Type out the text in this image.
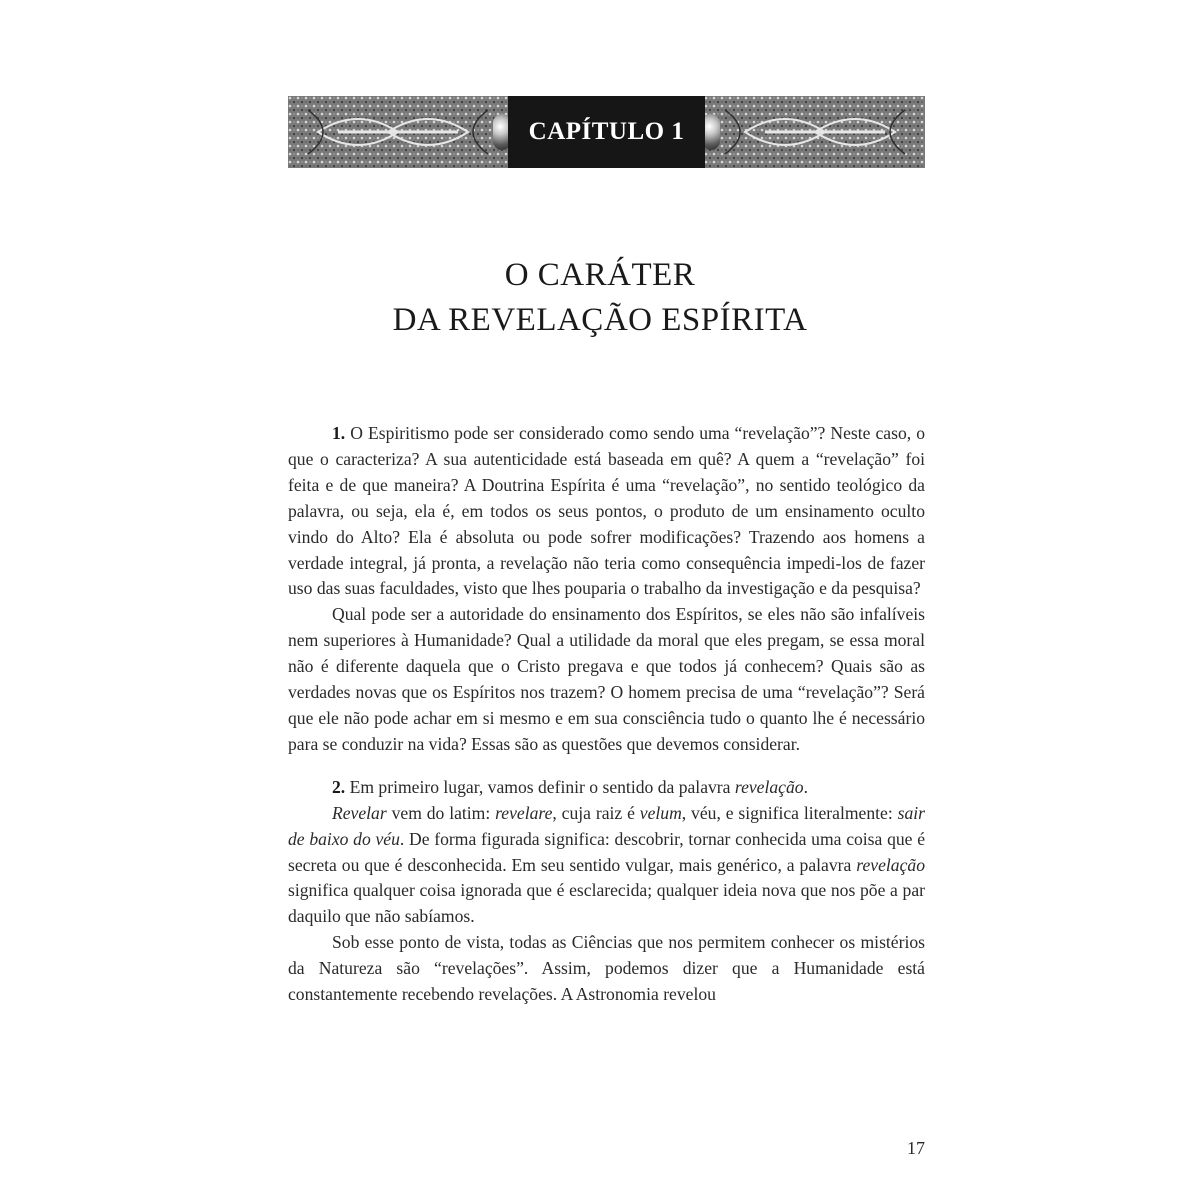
CAPÍTULO 1
O CARÁTER
DA REVELAÇÃO ESPÍRITA

1. O Espiritismo pode ser considerado como sendo uma “revelação”? Neste caso, o que o caracteriza? A sua autenticidade está baseada em quê? A quem a “revelação” foi feita e de que maneira? A Doutrina Espírita é uma “revelação”, no sentido teológico da palavra, ou seja, ela é, em todos os seus pontos, o produto de um ensinamento oculto vindo do Alto? Ela é absoluta ou pode sofrer modificações? Trazendo aos homens a verdade integral, já pronta, a revelação não teria como consequência impedi-los de fazer uso das suas faculdades, visto que lhes pouparia o trabalho da investigação e da pesquisa?

Qual pode ser a autoridade do ensinamento dos Espíritos, se eles não são infalíveis nem superiores à Humanidade? Qual a utilidade da moral que eles pregam, se essa moral não é diferente daquela que o Cristo pregava e que todos já conhecem? Quais são as verdades novas que os Espíritos nos trazem? O homem precisa de uma “revelação”? Será que ele não pode achar em si mesmo e em sua consciência tudo o quanto lhe é necessário para se conduzir na vida? Essas são as questões que devemos considerar.

2. Em primeiro lugar, vamos definir o sentido da palavra revelação.

Revelar vem do latim: revelare, cuja raiz é velum, véu, e significa literalmente: sair de baixo do véu. De forma figurada significa: descobrir, tornar conhecida uma coisa que é secreta ou que é desconhecida. Em seu sentido vulgar, mais genérico, a palavra revelação significa qualquer coisa ignorada que é esclarecida; qualquer ideia nova que nos põe a par daquilo que não sabíamos.

Sob esse ponto de vista, todas as Ciências que nos permitem conhecer os mistérios da Natureza são “revelações”. Assim, podemos dizer que a Humanidade está constantemente recebendo revelações. A Astronomia revelou

17
